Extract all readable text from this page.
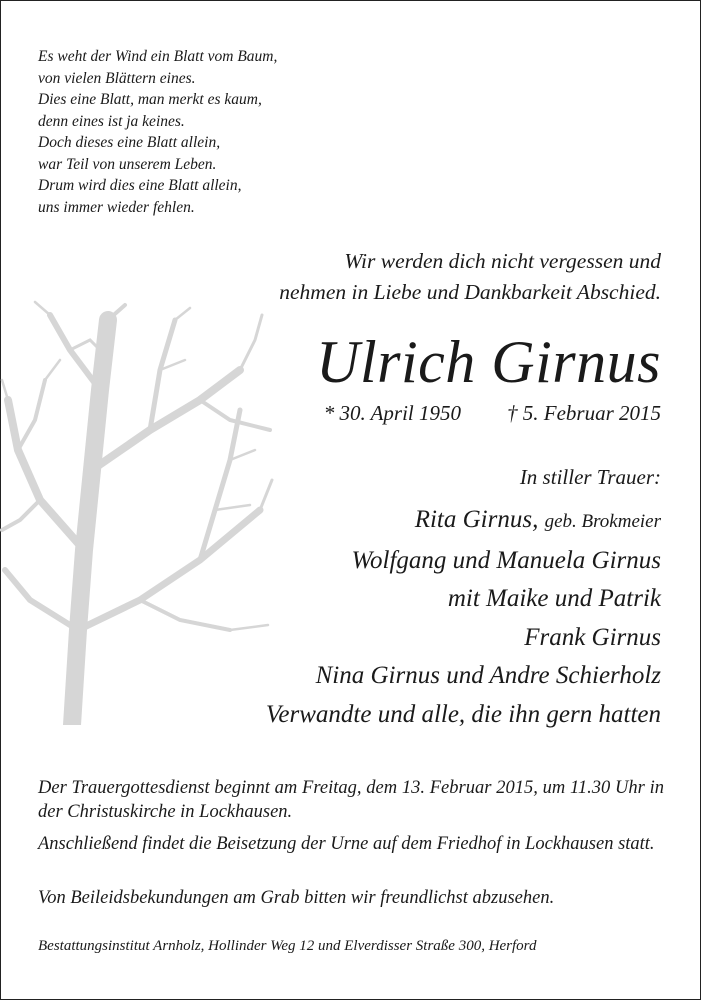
Es weht der Wind ein Blatt vom Baum,
von vielen Blättern eines.
Dies eine Blatt, man merkt es kaum,
denn eines ist ja keines.
Doch dieses eine Blatt allein,
war Teil von unserem Leben.
Drum wird dies eine Blatt allein,
uns immer wieder fehlen.
Wir werden dich nicht vergessen und
nehmen in Liebe und Dankbarkeit Abschied.
Ulrich Girnus
* 30. April 1950 † 5. Februar 2015
In stiller Trauer:
Rita Girnus, geb. Brokmeier
Wolfgang und Manuela Girnus
mit Maike und Patrik
Frank Girnus
Nina Girnus und Andre Schierholz
Verwandte und alle, die ihn gern hatten
Der Trauergottesdienst beginnt am Freitag, dem 13. Februar 2015, um 11.30 Uhr in der Christuskirche in Lockhausen.
Anschließend findet die Beisetzung der Urne auf dem Friedhof in Lockhausen statt.
Von Beileidsbekundungen am Grab bitten wir freundlichst abzusehen.
Bestattungsinstitut Arnholz, Hollinder Weg 12 und Elverdisser Straße 300, Herford
